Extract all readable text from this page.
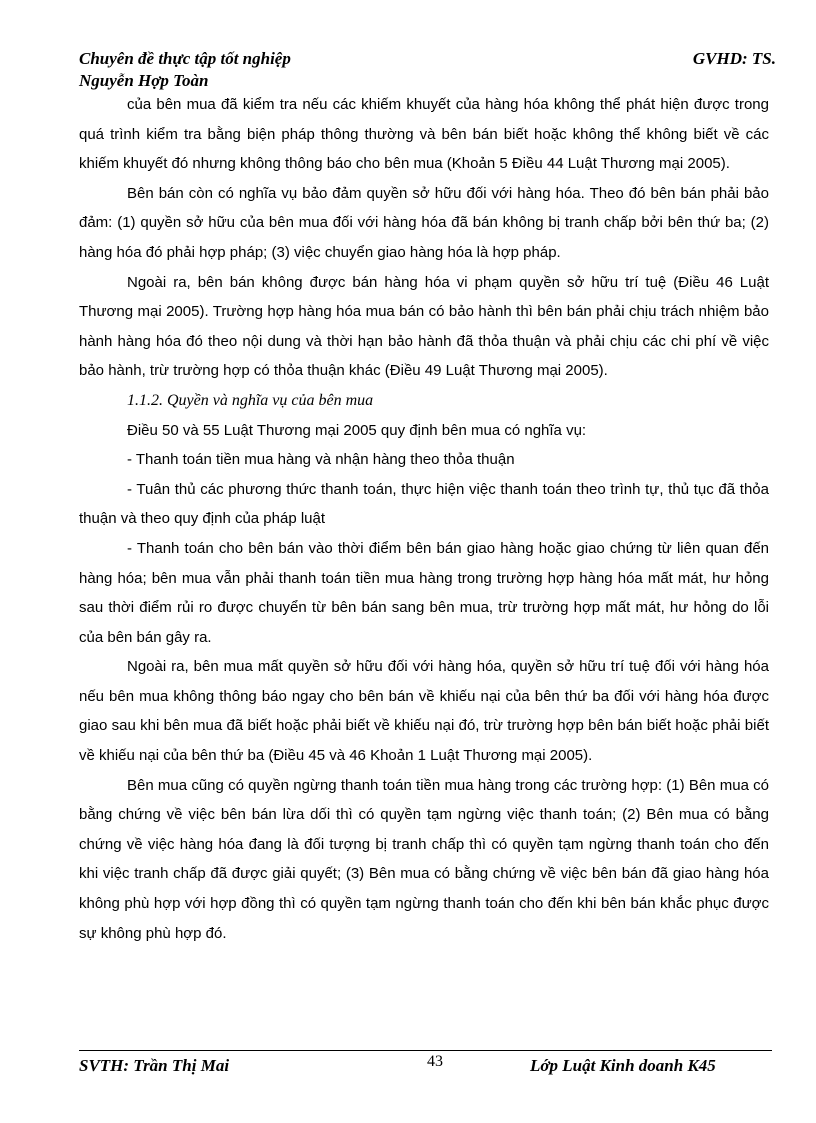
Chuyên đề thực tập tốt nghiệp
Nguyễn Hợp Toàn
GVHD: TS.

của bên mua đã kiểm tra nếu các khiếm khuyết của hàng hóa không thể phát hiện được trong quá trình kiểm tra bằng biện pháp thông thường và bên bán biết hoặc không thể không biết về các khiếm khuyết đó nhưng không thông báo cho bên mua (Khoản 5 Điều 44 Luật Thương mại 2005).

Bên bán còn có nghĩa vụ bảo đảm quyền sở hữu đối với hàng hóa. Theo đó bên bán phải bảo đảm: (1) quyền sở hữu của bên mua đối với hàng hóa đã bán không bị tranh chấp bởi bên thứ ba; (2) hàng hóa đó phải hợp pháp; (3) việc chuyển giao hàng hóa là hợp pháp.

Ngoài ra, bên bán không được bán hàng hóa vi phạm quyền sở hữu trí tuệ (Điều 46 Luật Thương mại 2005). Trường hợp hàng hóa mua bán có bảo hành thì bên bán phải chịu trách nhiệm bảo hành hàng hóa đó theo nội dung và thời hạn bảo hành đã thỏa thuận và phải chịu các chi phí về việc bảo hành, trừ trường hợp có thỏa thuận khác (Điều 49 Luật Thương mại 2005).

1.1.2. Quyền và nghĩa vụ của bên mua

Điều 50 và 55 Luật Thương mại 2005 quy định bên mua có nghĩa vụ:

- Thanh toán tiền mua hàng và nhận hàng theo thỏa thuận

- Tuân thủ các phương thức thanh toán, thực hiện việc thanh toán theo trình tự, thủ tục đã thỏa thuận và theo quy định của pháp luật

- Thanh toán cho bên bán vào thời điểm bên bán giao hàng hoặc giao chứng từ liên quan đến hàng hóa; bên mua vẫn phải thanh toán tiền mua hàng trong trường hợp hàng hóa mất mát, hư hỏng sau thời điểm rủi ro được chuyển từ bên bán sang bên mua, trừ trường hợp mất mát, hư hỏng do lỗi của bên bán gây ra.

Ngoài ra, bên mua mất quyền sở hữu đối với hàng hóa, quyền sở hữu trí tuệ đối với hàng hóa nếu bên mua không thông báo ngay cho bên bán về khiếu nại của bên thứ ba đối với hàng hóa được giao sau khi bên mua đã biết hoặc phải biết về khiếu nại đó, trừ trường hợp bên bán biết hoặc phải biết về khiếu nại của bên thứ ba (Điều 45 và 46 Khoản 1 Luật Thương mại 2005).

Bên mua cũng có quyền ngừng thanh toán tiền mua hàng trong các trường hợp: (1) Bên mua có bằng chứng về việc bên bán lừa dối thì có quyền tạm ngừng việc thanh toán; (2) Bên mua có bằng chứng về việc hàng hóa đang là đối tượng bị tranh chấp thì có quyền tạm ngừng thanh toán cho đến khi việc tranh chấp đã được giải quyết; (3) Bên mua có bằng chứng về việc bên bán đã giao hàng hóa không phù hợp với hợp đồng thì có quyền tạm ngừng thanh toán cho đến khi bên bán khắc phục được sự không phù hợp đó.

SVTH: Trần Thị Mai	43	Lớp Luật Kinh doanh K45
